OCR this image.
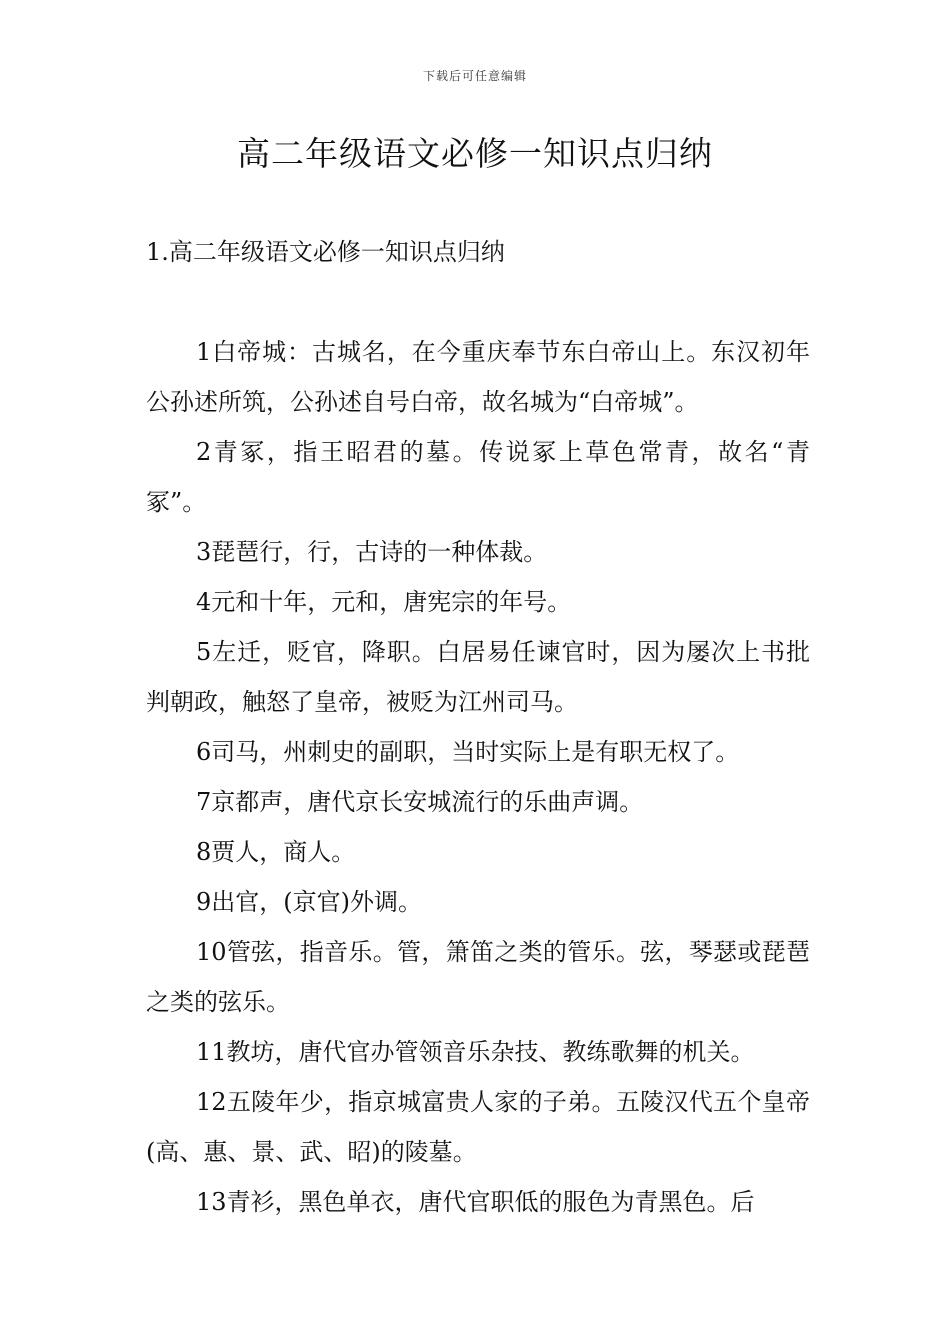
下载后可任意编辑
高二年级语文必修一知识点归纳
1.高二年级语文必修一知识点归纳

1白帝城：古城名，在今重庆奉节东白帝山上。东汉初年公孙述所筑，公孙述自号白帝，故名城为“白帝城”。

2青冢，指王昭君的墓。传说冢上草色常青，故名“青冢”。

3琵琶行，行，古诗的一种体裁。

4元和十年，元和，唐宪宗的年号。

5左迁，贬官，降职。白居易任谏官时，因为屡次上书批判朝政，触怒了皇帝，被贬为江州司马。

6司马，州刺史的副职，当时实际上是有职无权了。

7京都声，唐代京长安城流行的乐曲声调。

8贾人，商人。

9出官，(京官)外调。

10管弦，指音乐。管，箫笛之类的管乐。弦，琴瑟或琵琶之类的弦乐。

11教坊，唐代官办管领音乐杂技、教练歌舞的机关。

12五陵年少，指京城富贵人家的子弟。五陵汉代五个皇帝(高、惠、景、武、昭)的陵墓。

13青衫，黑色单衣，唐代官职低的服色为青黑色。后
